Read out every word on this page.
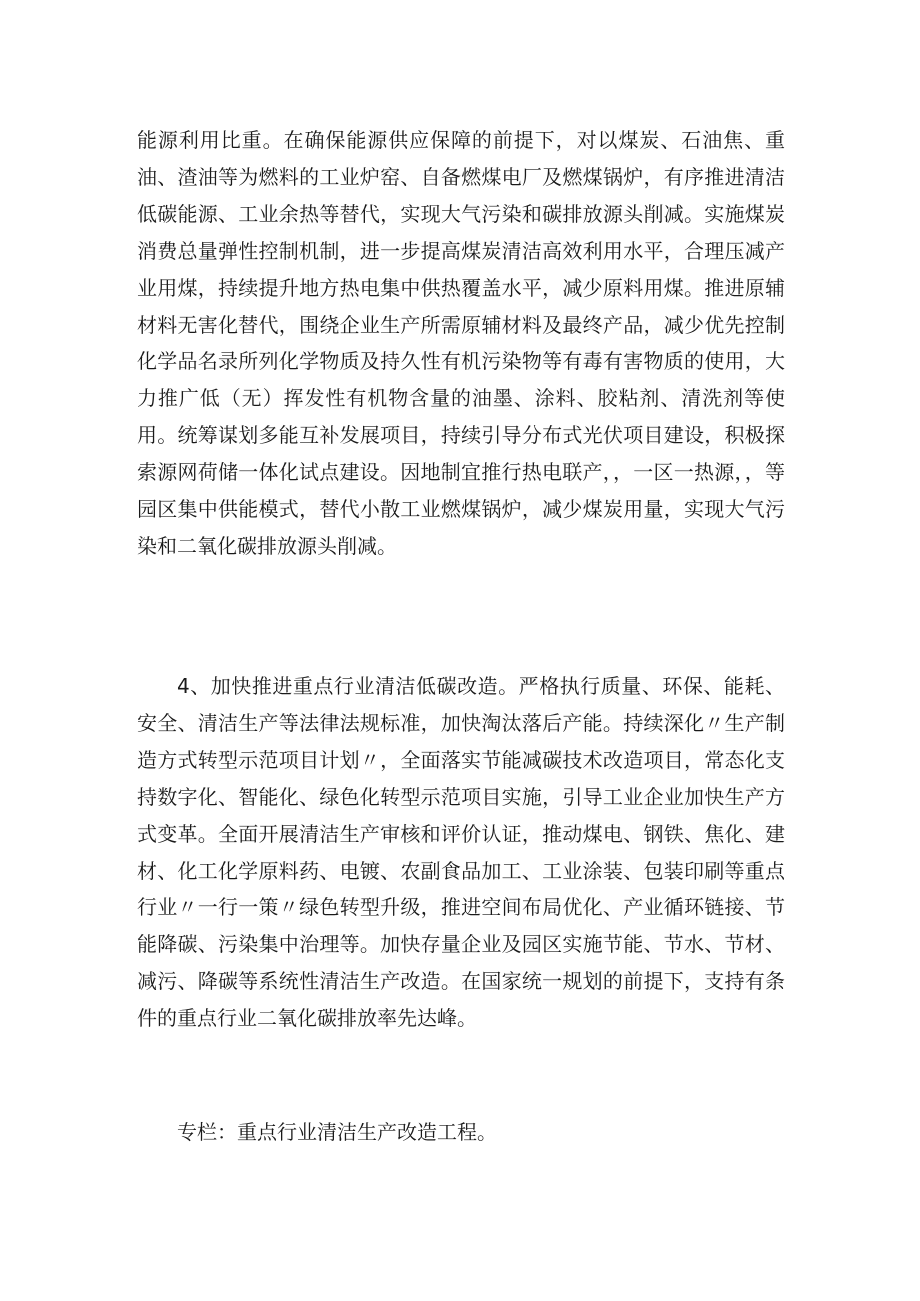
能源利用比重。在确保能源供应保障的前提下，对以煤炭、石油焦、重油、渣油等为燃料的工业炉窑、自备燃煤电厂及燃煤锅炉，有序推进清洁低碳能源、工业余热等替代，实现大气污染和碳排放源头削减。实施煤炭消费总量弹性控制机制，进一步提高煤炭清洁高效利用水平，合理压减产业用煤，持续提升地方热电集中供热覆盖水平，减少原料用煤。推进原辅材料无害化替代，围绕企业生产所需原辅材料及最终产品，减少优先控制化学品名录所列化学物质及持久性有机污染物等有毒有害物质的使用，大力推广低（无）挥发性有机物含量的油墨、涂料、胶粘剂、清洗剂等使用。统筹谋划多能互补发展项目，持续引导分布式光伏项目建设，积极探索源网荷储一体化试点建设。因地制宜推行热电联产，，一区一热源，，等园区集中供能模式，替代小散工业燃煤锅炉，减少煤炭用量，实现大气污染和二氧化碳排放源头削减。

4、加快推进重点行业清洁低碳改造。严格执行质量、环保、能耗、安全、清洁生产等法律法规标准，加快淘汰落后产能。持续深化〃生产制造方式转型示范项目计划〃，全面落实节能减碳技术改造项目，常态化支持数字化、智能化、绿色化转型示范项目实施，引导工业企业加快生产方式变革。全面开展清洁生产审核和评价认证，推动煤电、钢铁、焦化、建材、化工化学原料药、电镀、农副食品加工、工业涂装、包装印刷等重点行业〃一行一策〃绿色转型升级，推进空间布局优化、产业循环链接、节能降碳、污染集中治理等。加快存量企业及园区实施节能、节水、节材、减污、降碳等系统性清洁生产改造。在国家统一规划的前提下，支持有条件的重点行业二氧化碳排放率先达峰。

专栏：重点行业清洁生产改造工程。
